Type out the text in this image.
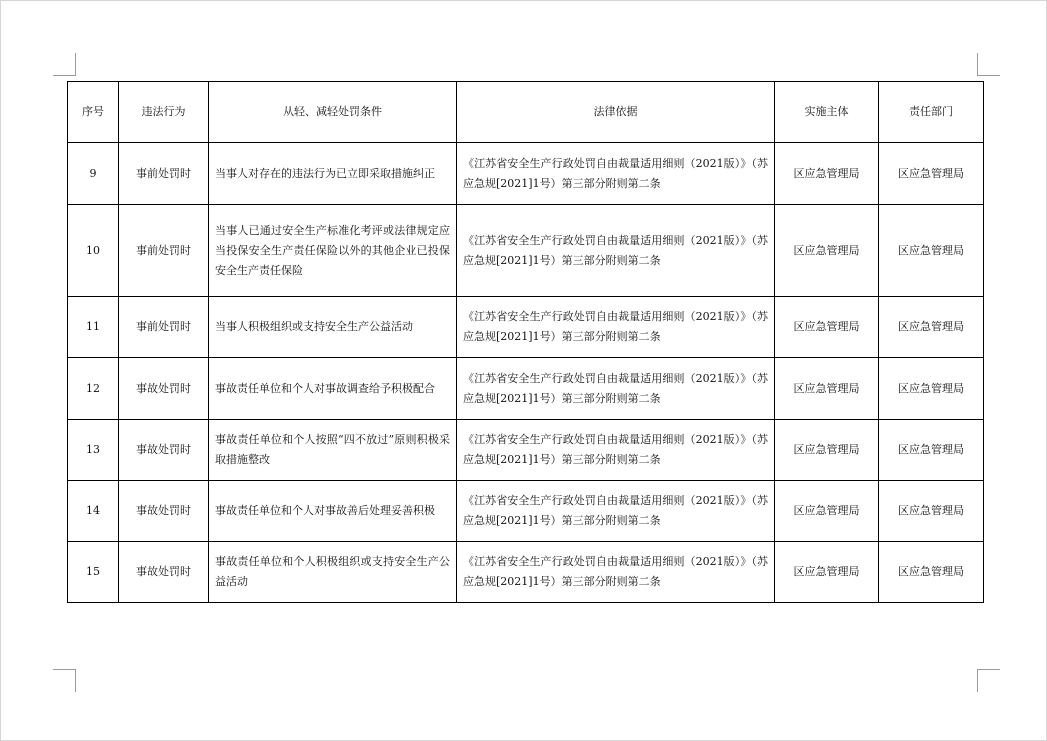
序号	违法行为	从轻、减轻处罚条件	法律依据	实施主体	责任部门
9	事前处罚时	当事人对存在的违法行为已立即采取措施纠正	《江苏省安全生产行政处罚自由裁量适用细则（2021版）》（苏应急规[2021]1号）第三部分附则第二条	区应急管理局	区应急管理局
10	事前处罚时	当事人已通过安全生产标准化考评或法律规定应当投保安全生产责任保险以外的其他企业已投保安全生产责任保险	《江苏省安全生产行政处罚自由裁量适用细则（2021版）》（苏应急规[2021]1号）第三部分附则第二条	区应急管理局	区应急管理局
11	事前处罚时	当事人积极组织或支持安全生产公益活动	《江苏省安全生产行政处罚自由裁量适用细则（2021版）》（苏应急规[2021]1号）第三部分附则第二条	区应急管理局	区应急管理局
12	事故处罚时	事故责任单位和个人对事故调查给予积极配合	《江苏省安全生产行政处罚自由裁量适用细则（2021版）》（苏应急规[2021]1号）第三部分附则第二条	区应急管理局	区应急管理局
13	事故处罚时	事故责任单位和个人按照“四不放过”原则积极采取措施整改	《江苏省安全生产行政处罚自由裁量适用细则（2021版）》（苏应急规[2021]1号）第三部分附则第二条	区应急管理局	区应急管理局
14	事故处罚时	事故责任单位和个人对事故善后处理妥善积极	《江苏省安全生产行政处罚自由裁量适用细则（2021版）》（苏应急规[2021]1号）第三部分附则第二条	区应急管理局	区应急管理局
15	事故处罚时	事故责任单位和个人积极组织或支持安全生产公益活动	《江苏省安全生产行政处罚自由裁量适用细则（2021版）》（苏应急规[2021]1号）第三部分附则第二条	区应急管理局	区应急管理局
